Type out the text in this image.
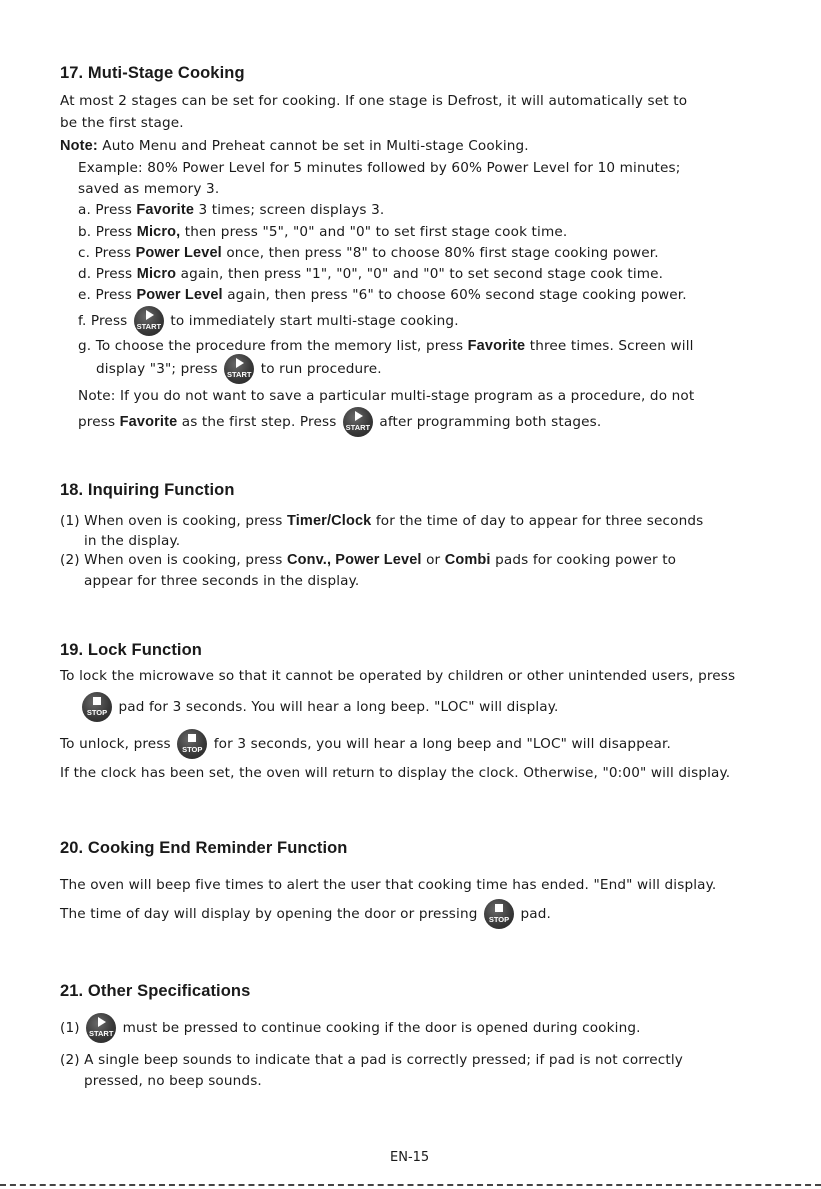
17. Muti-Stage Cooking
At most 2 stages can be set for cooking. If one stage is Defrost, it will automatically set to
be the first stage.
Note: Auto Menu and Preheat cannot be set in Multi-stage Cooking.
Example: 80% Power Level for 5 minutes followed by 60% Power Level for 10 minutes;
saved as memory 3.
a. Press Favorite 3 times; screen displays 3.
b. Press Micro, then press "5", "0" and "0" to set first stage cook time.
c. Press Power Level once, then press "8" to choose 80% first stage cooking power.
d. Press Micro again, then press "1", "0", "0" and "0" to set second stage cook time.
e. Press Power Level again, then press "6" to choose 60% second stage cooking power.
f. Press START to immediately start multi-stage cooking.
g. To choose the procedure from the memory list, press Favorite three times. Screen will
display "3"; press START to run procedure.
Note: If you do not want to save a particular multi-stage program as a procedure, do not
press Favorite as the first step. Press START after programming both stages.
18. Inquiring Function
(1) When oven is cooking, press Timer/Clock for the time of day to appear for three seconds
in the display.
(2) When oven is cooking, press Conv., Power Level or Combi pads for cooking power to
appear for three seconds in the display.
19. Lock Function
To lock the microwave so that it cannot be operated by children or other unintended users, press
STOP pad for 3 seconds. You will hear a long beep. "LOC" will display.
To unlock, press STOP for 3 seconds, you will hear a long beep and "LOC" will disappear.
If the clock has been set, the oven will return to display the clock. Otherwise, "0:00" will display.
20. Cooking End Reminder Function
The oven will beep five times to alert the user that cooking time has ended. "End" will display.
The time of day will display by opening the door or pressing STOP pad.
21. Other Specifications
(1) START must be pressed to continue cooking if the door is opened during cooking.
(2) A single beep sounds to indicate that a pad is correctly pressed; if pad is not correctly
pressed, no beep sounds.
EN-15
